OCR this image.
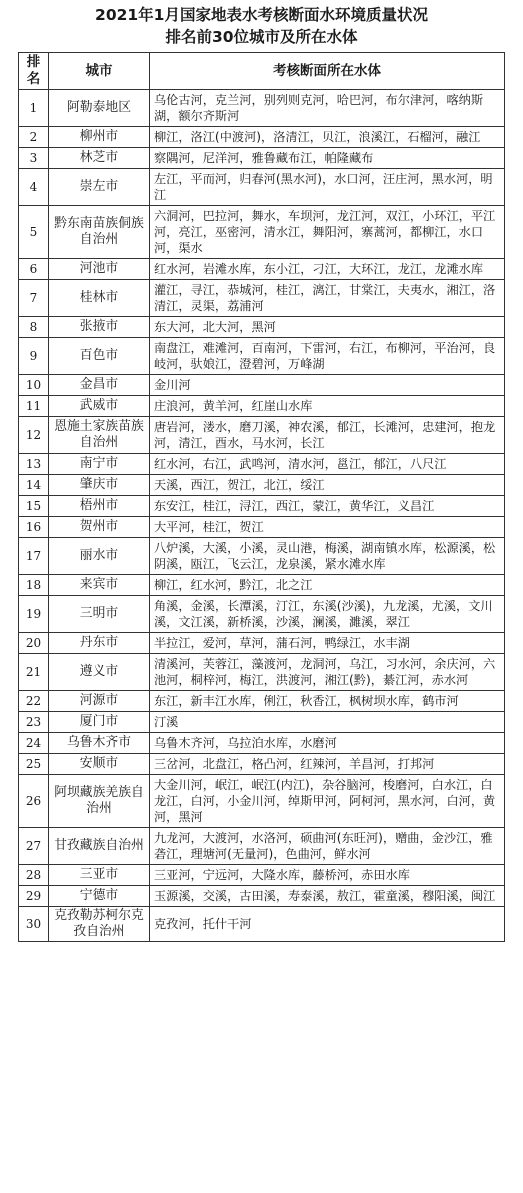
2021年1月国家地表水考核断面水环境质量状况
排名前30位城市及所在水体
排名	城市	考核断面所在水体
1	阿勒泰地区	乌伦古河，克兰河，别列则克河，哈巴河，布尔津河，喀纳斯湖，额尔齐斯河
2	柳州市	柳江，洛江(中渡河)，洛清江，贝江，浪溪江，石榴河，融江
3	林芝市	察隅河，尼洋河，雅鲁藏布江，帕隆藏布
4	崇左市	左江，平而河，归春河(黑水河)，水口河，汪庄河，黑水河，明江
5	黔东南苗族侗族自治州	六洞河，巴拉河，舞水，车坝河，龙江河，双江，小环江，平江河，亮江，巫密河，清水江，舞阳河，寨蒿河，都柳江，水口河，渠水
6	河池市	红水河，岩滩水库，东小江，刁江，大环江，龙江，龙滩水库
7	桂林市	灌江，寻江，恭城河，桂江，漓江，甘棠江，夫夷水，湘江，洛清江，灵渠，荔浦河
8	张掖市	东大河，北大河，黑河
9	百色市	南盘江，难滩河，百南河，下雷河，右江，布柳河，平治河，良岐河，驮娘江，澄碧河，万峰湖
10	金昌市	金川河
11	武威市	庄浪河，黄羊河，红崖山水库
12	恩施土家族苗族自治州	唐岩河，溇水，磨刀溪，神农溪，郁江，长滩河，忠建河，抱龙河，清江，酉水，马水河，长江
13	南宁市	红水河，右江，武鸣河，清水河，邕江，郁江，八尺江
14	肇庆市	天溪，西江，贺江，北江，绥江
15	梧州市	东安江，桂江，浔江，西江，蒙江，黄华江，义昌江
16	贺州市	大平河，桂江，贺江
17	丽水市	八炉溪，大溪，小溪，灵山港，梅溪，湖南镇水库，松源溪，松阴溪，瓯江，飞云江，龙泉溪，紧水滩水库
18	来宾市	柳江，红水河，黔江，北之江
19	三明市	角溪，金溪，长潭溪，汀江，东溪(沙溪)，九龙溪，尤溪，文川溪，文江溪，新桥溪，沙溪，澜溪，濉溪，翠江
20	丹东市	半拉江，爱河，草河，蒲石河，鸭绿江，水丰湖
21	遵义市	清溪河，芙蓉江，藻渡河，龙洞河，乌江，习水河，余庆河，六池河，桐梓河，梅江，洪渡河，湘江(黔)，綦江河，赤水河
22	河源市	东江，新丰江水库，俐江，秋香江，枫树坝水库，鹤市河
23	厦门市	汀溪
24	乌鲁木齐市	乌鲁木齐河，乌拉泊水库，水磨河
25	安顺市	三岔河，北盘江，格凸河，红辣河，羊昌河，打邦河
26	阿坝藏族羌族自治州	大金川河，岷江，岷江(内江)，杂谷脑河，梭磨河，白水江，白龙江，白河，小金川河，绰斯甲河，阿柯河，黑水河，白河，黄河，黑河
27	甘孜藏族自治州	九龙河，大渡河，水洛河，硕曲河(东旺河)，赠曲，金沙江，雅砻江，理塘河(无量河)，色曲河，鲜水河
28	三亚市	三亚河，宁远河，大隆水库，藤桥河，赤田水库
29	宁德市	玉源溪，交溪，古田溪，寿泰溪，敖江，霍童溪，穆阳溪，闽江
30	克孜勒苏柯尔克孜自治州	克孜河，托什干河
